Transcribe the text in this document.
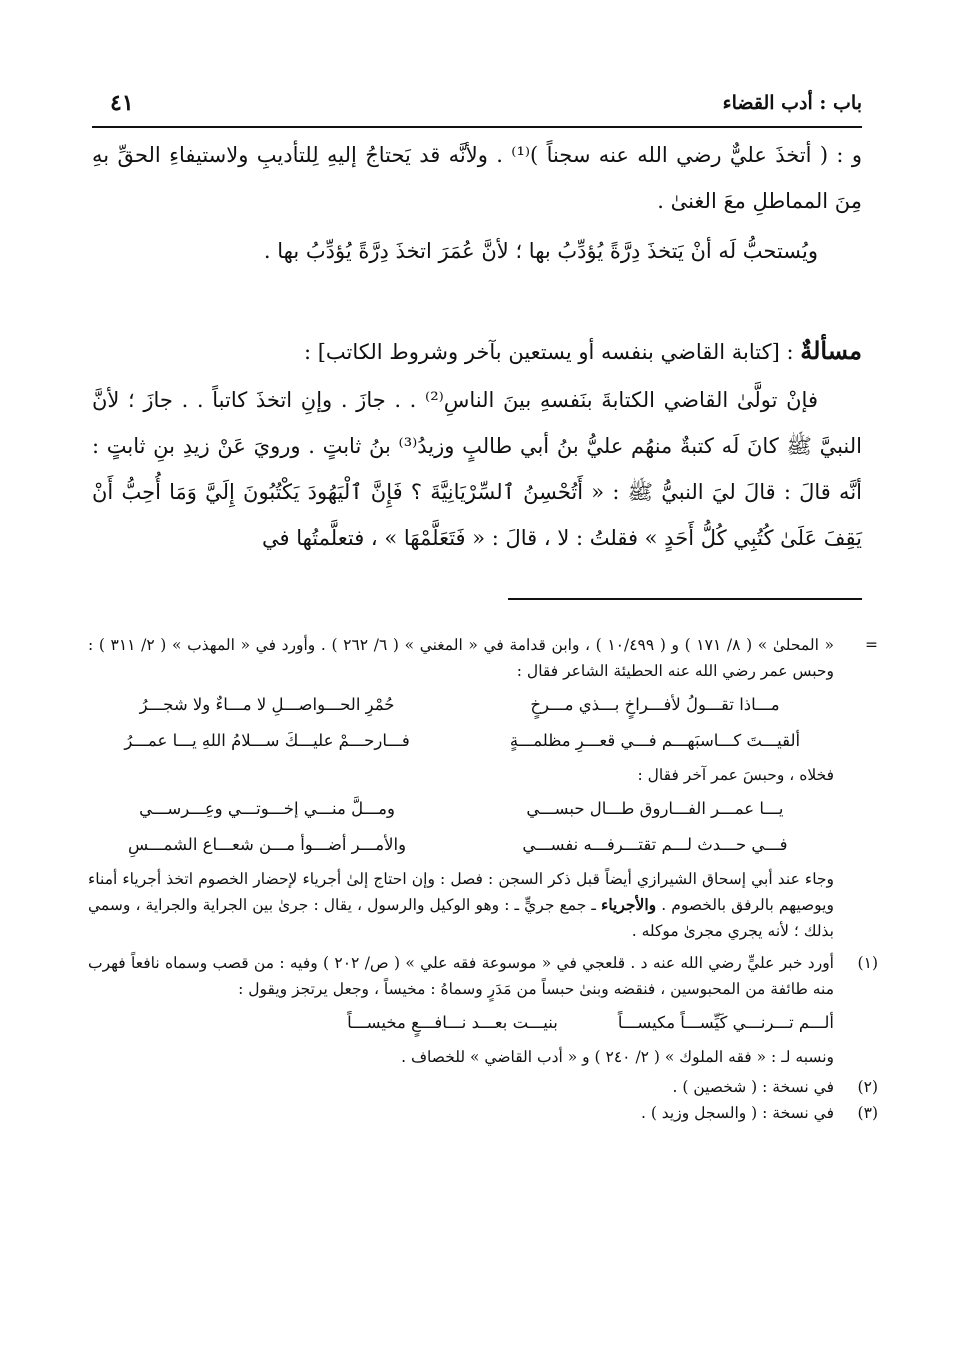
باب : أدب القضاء
٤١

و : ( أتخذَ عليٌّ رضي الله عنه سجناً )⁽¹⁾ . ولأنَّه قد يَحتاجُ إليهِ لِلتأديبِ ولاستيفاءِ الحقِّ بهِ مِنَ المماطلِ معَ الغنىٰ .

ويُستحبُّ لَه أنْ يَتخذَ دِرَّةً يُؤدِّبُ بها ؛ لأنَّ عُمَرَ اتخذَ دِرَّةً يُؤدِّبُ بها .

مسألةٌ : [كتابة القاضي بنفسه أو يستعين بآخر وشروط الكاتب] :

فإنْ تولَّىٰ القاضي الكتابةَ بنَفسهِ بينَ الناسِ⁽²⁾ . . جازَ . وإنِ اتخذَ كاتباً . . جازَ ؛ لأنَّ النبيَّ ﷺ كانَ لَه كتبةٌ منهُم عليُّ بنُ أبي طالبٍ وزيدُ⁽³⁾ بنُ ثابتٍ . ورويَ عَنْ زيدِ بنِ ثابتٍ : أنَّه قالَ : قالَ ليَ النبيُّ ﷺ : « أَتُحْسِنُ ٱلسِّرْيَانِيَّةَ ؟ فَإِنَّ ٱلْيَهُودَ يَكْتُبُونَ إِلَيَّ وَمَا أُحِبُّ أَنْ يَقِفَ عَلَىٰ كُتُبِي كُلُّ أَحَدٍ » فقلتُ : لا ، قالَ : « فَتَعَلَّمْهَا » ، فتعلَّمتُها في

=
« المحلىٰ » ( ٨/ ١٧١ ) و ( ١٠/٤٩٩ ) ، وابن قدامة في « المغني » ( ٦/ ٢٦٢ ) . وأورد في « المهذب » ( ٢/ ٣١١ ) : وحبس عمر رضي الله عنه الحطيئة الشاعر فقال :

مـــاذا تقـــولُ لأفـــراخٍ بـــذي مـــرخٍ
حُمْرِ الحـــواصـــلِ لا مـــاءٌ ولا شجـــرُ
ألقيـــتَ كـــاسبَهـــم فـــي قعـــرِ مظلمـــةٍ
فـــارحـــمْ عليـــكَ ســـلامُ اللهِ يـــا عمـــرُ

فخلاه ، وحبسَ عمر آخر فقال :

يـــا عمـــر الفـــاروق طـــال حبســـي
ومـــلَّ منـــي إخـــوتـــي وعِـــرســـي
فـــي حـــدث لـــم تقتـــرفـــه نفســـي
والأمـــر أضـــوأ مـــن شعـــاع الشمـــسِ

وجاء عند أبي إسحاق الشيرازي أيضاً قبل ذكر السجن : فصل : وإن احتاج إلىٰ أجرياء لإحضار الخصوم اتخذ أجرياء أمناء ويوصيهم بالرفق بالخصوم . والأجرياء ـ جمع جريٍّ ـ : وهو الوكيل والرسول ، يقال : جرىٰ بين الجراية والجراية ، وسمي بذلك ؛ لأنه يجري مجرىٰ موكله .

(١)
أورد خبر عليٍّ رضي الله عنه د . قلعجي في « موسوعة فقه علي » ( ص/ ٢٠٢ ) وفيه : من قصب وسماه نافعاً فهرب منه طائفة من المحبوسين ، فنقضه وبنىٰ حبساً من مَدَرٍ وسماهُ : مخيساً ، وجعل يرتجز ويقول :

ألـــم تـــرنـــي كَيِّســـاً مكيســـاً
بنيـــت بعـــد نـــافـــعٍ مخيســـاً

ونسبه لـ : « فقه الملوك » ( ٢/ ٢٤٠ ) و « أدب القاضي » للخصاف .

(٢)
في نسخة : ( شخصين ) .

(٣)
في نسخة : ( والسجل وزيد ) .
